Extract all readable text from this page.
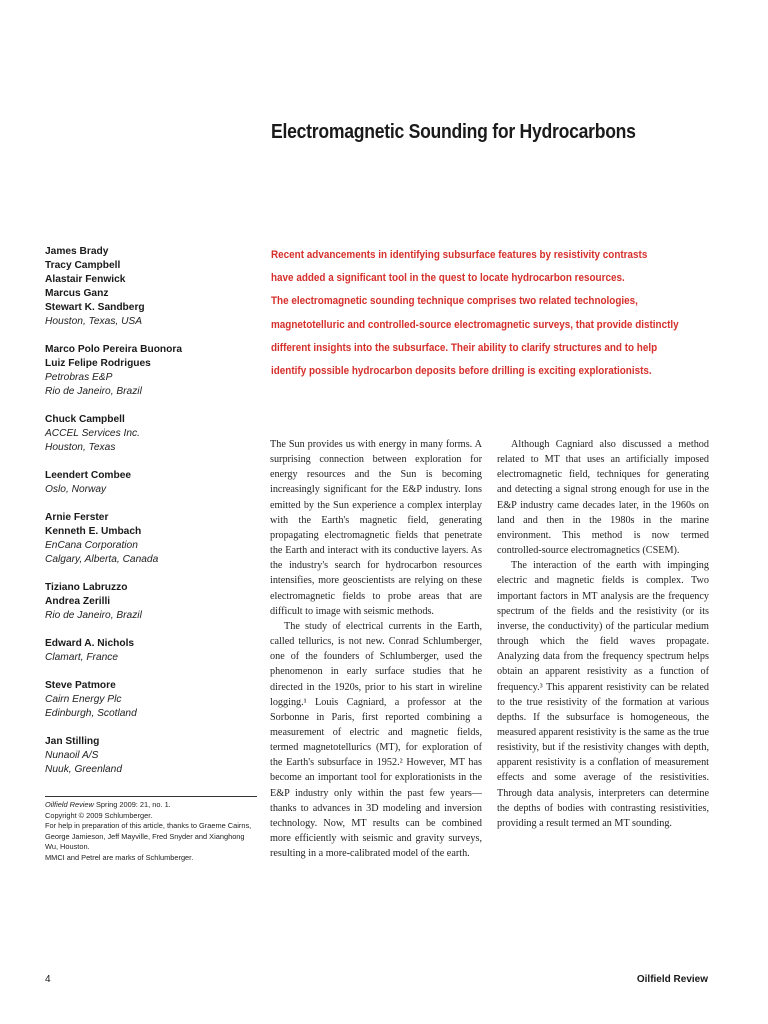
Electromagnetic Sounding for Hydrocarbons
James Brady
Tracy Campbell
Alastair Fenwick
Marcus Ganz
Stewart K. Sandberg
Houston, Texas, USA
Marco Polo Pereira Buonora
Luiz Felipe Rodrigues
Petrobras E&P
Rio de Janeiro, Brazil
Chuck Campbell
ACCEL Services Inc.
Houston, Texas
Leendert Combee
Oslo, Norway
Arnie Ferster
Kenneth E. Umbach
EnCana Corporation
Calgary, Alberta, Canada
Tiziano Labruzzo
Andrea Zerilli
Rio de Janeiro, Brazil
Edward A. Nichols
Clamart, France
Steve Patmore
Cairn Energy Plc
Edinburgh, Scotland
Jan Stilling
Nunaoil A/S
Nuuk, Greenland
Oilfield Review Spring 2009: 21, no. 1.
Copyright © 2009 Schlumberger.
For help in preparation of this article, thanks to Graeme Cairns, George Jamieson, Jeff Mayville, Fred Snyder and Xianghong Wu, Houston.
MMCI and Petrel are marks of Schlumberger.
Recent advancements in identifying subsurface features by resistivity contrasts
have added a significant tool in the quest to locate hydrocarbon resources.
The electromagnetic sounding technique comprises two related technologies,
magnetotelluric and controlled-source electromagnetic surveys, that provide distinctly
different insights into the subsurface. Their ability to clarify structures and to help
identify possible hydrocarbon deposits before drilling is exciting explorationists.

The Sun provides us with energy in many forms. A surprising connection between exploration for energy resources and the Sun is becoming increasingly significant for the E&P industry. Ions emitted by the Sun experience a complex interplay with the Earth's magnetic field, generating propagating electromagnetic fields that penetrate the Earth and interact with its conductive layers. As the industry's search for hydrocarbon resources intensifies, more geoscientists are relying on these electromagnetic fields to probe areas that are difficult to image with seismic methods.

The study of electrical currents in the Earth, called tellurics, is not new. Conrad Schlumberger, one of the founders of Schlumberger, used the phenomenon in early surface studies that he directed in the 1920s, prior to his start in wireline logging.¹ Louis Cagniard, a professor at the Sorbonne in Paris, first reported combining a measurement of electric and magnetic fields, termed magnetotellurics (MT), for exploration of the Earth's subsurface in 1952.² However, MT has become an important tool for explorationists in the E&P industry only within the past few years—thanks to advances in 3D modeling and inversion technology. Now, MT results can be combined more efficiently with seismic and gravity surveys, resulting in a more-calibrated model of the earth.

Although Cagniard also discussed a method related to MT that uses an artificially imposed electromagnetic field, techniques for generating and detecting a signal strong enough for use in the E&P industry came decades later, in the 1960s on land and then in the 1980s in the marine environment. This method is now termed controlled-source electromagnetics (CSEM).

The interaction of the earth with impinging electric and magnetic fields is complex. Two important factors in MT analysis are the frequency spectrum of the fields and the resistivity (or its inverse, the conductivity) of the particular medium through which the field waves propagate. Analyzing data from the frequency spectrum helps obtain an apparent resistivity as a function of frequency.³ This apparent resistivity can be related to the true resistivity of the formation at various depths. If the subsurface is homogeneous, the measured apparent resistivity is the same as the true resistivity, but if the resistivity changes with depth, apparent resistivity is a conflation of measurement effects and some average of the resistivities. Through data analysis, interpreters can determine the depths of bodies with contrasting resistivities, providing a result termed an MT sounding.

4	Oilfield Review
